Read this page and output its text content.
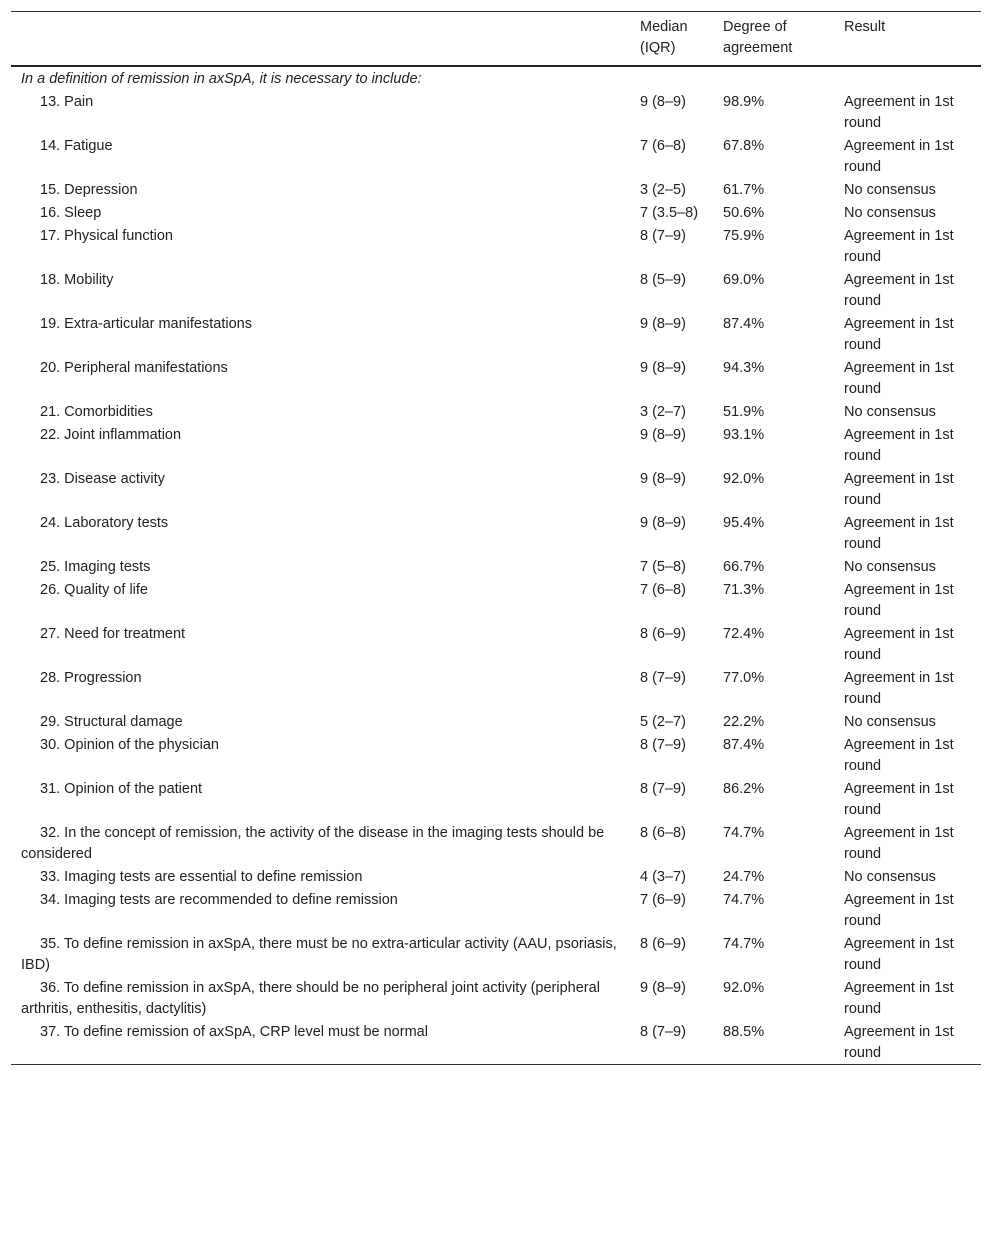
	Median (IQR)	Degree of agreement	Result
In a definition of remission in axSpA, it is necessary to include:			
13. Pain	9 (8–9)	98.9%	Agreement in 1st round
14. Fatigue	7 (6–8)	67.8%	Agreement in 1st round
15. Depression	3 (2–5)	61.7%	No consensus
16. Sleep	7 (3.5–8)	50.6%	No consensus
17. Physical function	8 (7–9)	75.9%	Agreement in 1st round
18. Mobility	8 (5–9)	69.0%	Agreement in 1st round
19. Extra-articular manifestations	9 (8–9)	87.4%	Agreement in 1st round
20. Peripheral manifestations	9 (8–9)	94.3%	Agreement in 1st round
21. Comorbidities	3 (2–7)	51.9%	No consensus
22. Joint inflammation	9 (8–9)	93.1%	Agreement in 1st round
23. Disease activity	9 (8–9)	92.0%	Agreement in 1st round
24. Laboratory tests	9 (8–9)	95.4%	Agreement in 1st round
25. Imaging tests	7 (5–8)	66.7%	No consensus
26. Quality of life	7 (6–8)	71.3%	Agreement in 1st round
27. Need for treatment	8 (6–9)	72.4%	Agreement in 1st round
28. Progression	8 (7–9)	77.0%	Agreement in 1st round
29. Structural damage	5 (2–7)	22.2%	No consensus
30. Opinion of the physician	8 (7–9)	87.4%	Agreement in 1st round
31. Opinion of the patient	8 (7–9)	86.2%	Agreement in 1st round
32. In the concept of remission, the activity of the disease in the imaging tests should be considered	8 (6–8)	74.7%	Agreement in 1st round
33. Imaging tests are essential to define remission	4 (3–7)	24.7%	No consensus
34. Imaging tests are recommended to define remission	7 (6–9)	74.7%	Agreement in 1st round
35. To define remission in axSpA, there must be no extra-articular activity (AAU, psoriasis, IBD)	8 (6–9)	74.7%	Agreement in 1st round
36. To define remission in axSpA, there should be no peripheral joint activity (peripheral arthritis, enthesitis, dactylitis)	9 (8–9)	92.0%	Agreement in 1st round
37. To define remission of axSpA, CRP level must be normal	8 (7–9)	88.5%	Agreement in 1st round
